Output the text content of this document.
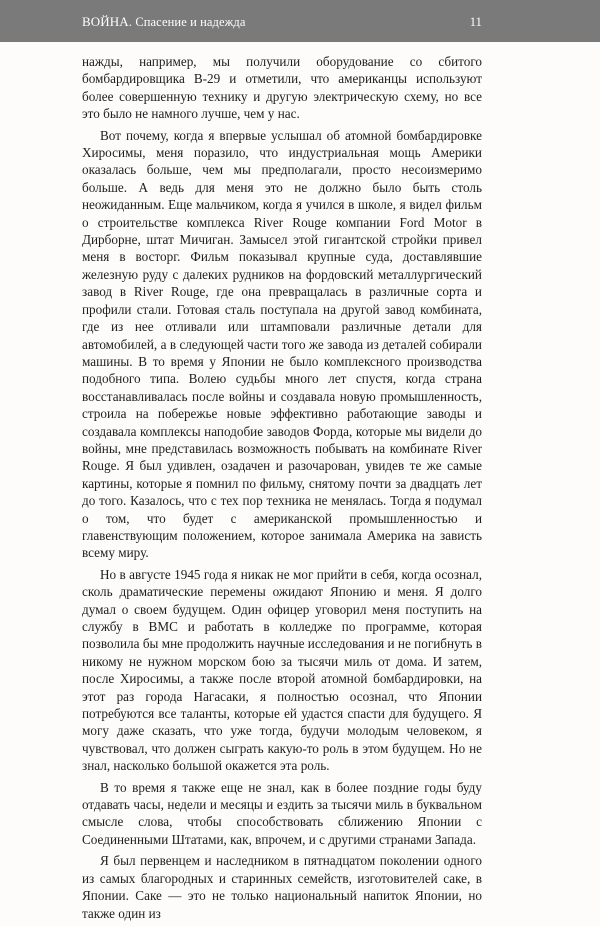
ВОЙНА. Спасение и надежда	11

нажды, например, мы получили оборудование со сбитого бомбардировщика B-29 и отметили, что американцы используют более совершенную технику и другую электрическую схему, но все это было не намного лучше, чем у нас.

Вот почему, когда я впервые услышал об атомной бомбардировке Хиросимы, меня поразило, что индустриальная мощь Америки оказалась больше, чем мы предполагали, просто несоизмеримо больше. А ведь для меня это не должно было быть столь неожиданным. Еще мальчиком, когда я учился в школе, я видел фильм о строительстве комплекса River Rouge компании Ford Motor в Дирборне, штат Мичиган. Замысел этой гигантской стройки привел меня в восторг. Фильм показывал крупные суда, доставлявшие железную руду с далеких рудников на фордовский металлургический завод в River Rouge, где она превращалась в различные сорта и профили стали. Готовая сталь поступала на другой завод комбината, где из нее отливали или штамповали различные детали для автомобилей, а в следующей части того же завода из деталей собирали машины. В то время у Японии не было комплексного производства подобного типа. Волею судьбы много лет спустя, когда страна восстанавливалась после войны и создавала новую промышленность, строила на побережье новые эффективно работающие заводы и создавала комплексы наподобие заводов Форда, которые мы видели до войны, мне представилась возможность побывать на комбинате River Rouge. Я был удивлен, озадачен и разочарован, увидев те же самые картины, которые я помнил по фильму, снятому почти за двадцать лет до того. Казалось, что с тех пор техника не менялась. Тогда я подумал о том, что будет с американской промышленностью и главенствующим положением, которое занимала Америка на зависть всему миру.

Но в августе 1945 года я никак не мог прийти в себя, когда осознал, сколь драматические перемены ожидают Японию и меня. Я долго думал о своем будущем. Один офицер уговорил меня поступить на службу в ВМС и работать в колледже по программе, которая позволила бы мне продолжить научные исследования и не погибнуть в никому не нужном морском бою за тысячи миль от дома. И затем, после Хиросимы, а также после второй атомной бомбардировки, на этот раз города Нагасаки, я полностью осознал, что Японии потребуются все таланты, которые ей удастся спасти для будущего. Я могу даже сказать, что уже тогда, будучи молодым человеком, я чувствовал, что должен сыграть какую-то роль в этом будущем. Но не знал, насколько большой окажется эта роль.

В то время я также еще не знал, как в более поздние годы буду отдавать часы, недели и месяцы и ездить за тысячи миль в буквальном смысле слова, чтобы способствовать сближению Японии с Соединенными Штатами, как, впрочем, и с другими странами Запада.

Я был первенцем и наследником в пятнадцатом поколении одного из самых благородных и старинных семейств, изготовителей саке, в Японии. Саке — это не только национальный напиток Японии, но также один из
